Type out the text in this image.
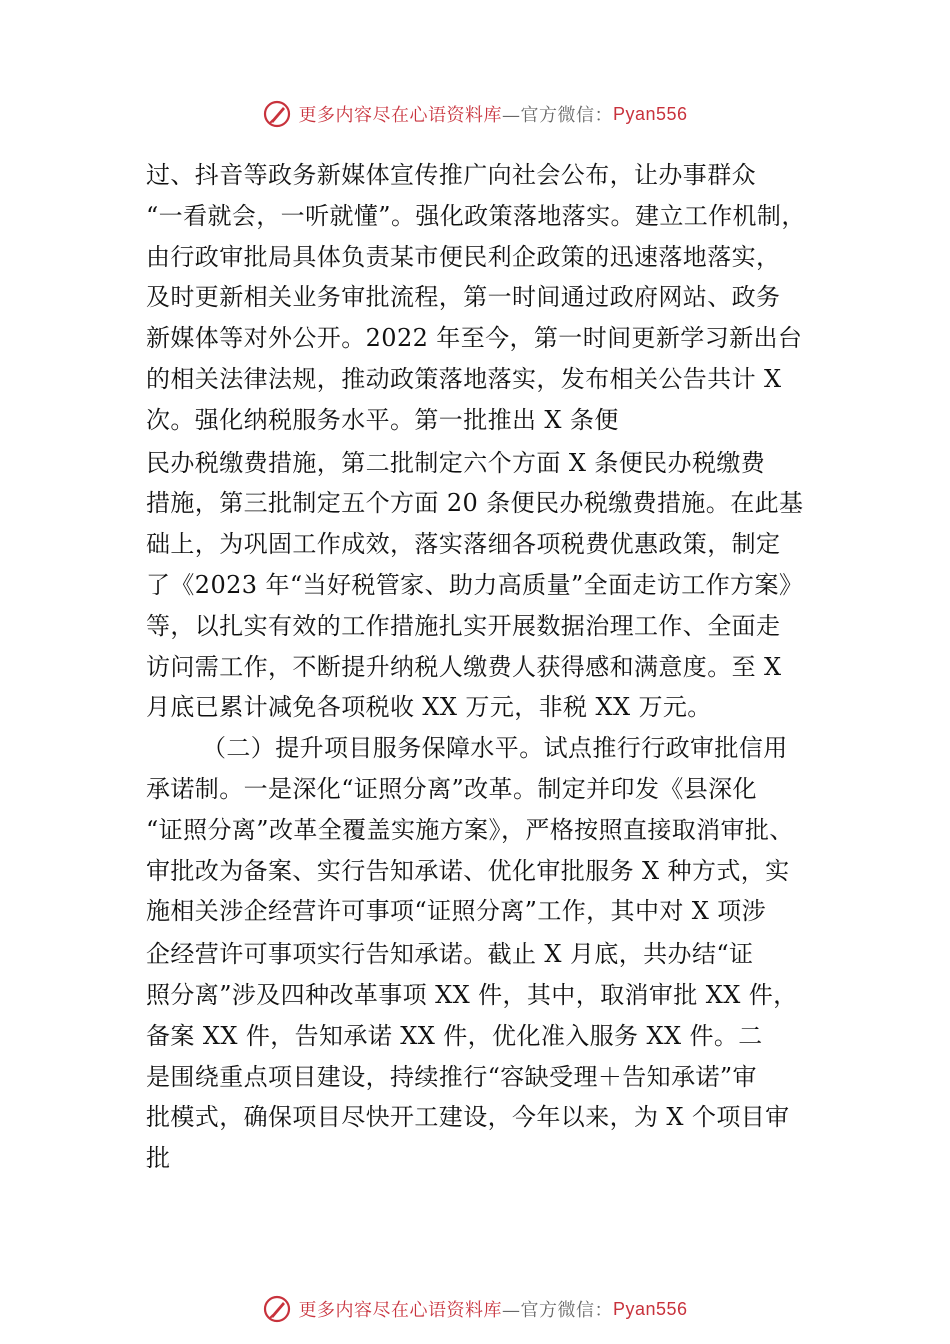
更多内容尽在心语资料库 —官方微信： Pyan556
过、抖音等政务新媒体宣传推广向社会公布，让办事群众
“一看就会，一听就懂”。强化政策落地落实。建立工作机制，
由行政审批局具体负责某市便民利企政策的迅速落地落实，
及时更新相关业务审批流程，第一时间通过政府网站、政务
新媒体等对外公开。2022 年至今，第一时间更新学习新出台
的相关法律法规，推动政策落地落实，发布相关公告共计 X
次。强化纳税服务水平。第一批推出 X 条便
民办税缴费措施，第二批制定六个方面 X 条便民办税缴费
措施，第三批制定五个方面 20 条便民办税缴费措施。在此基
础上，为巩固工作成效，落实落细各项税费优惠政策，制定
了《2023 年“当好税管家、助力高质量”全面走访工作方案》
等，以扎实有效的工作措施扎实开展数据治理工作、全面走
访问需工作，不断提升纳税人缴费人获得感和满意度。至 X
月底已累计减免各项税收 XX 万元，非税 XX 万元。
（二）提升项目服务保障水平。试点推行行政审批信用
承诺制。一是深化“证照分离”改革。制定并印发《县深化
“证照分离”改革全覆盖实施方案》，严格按照直接取消审批、
审批改为备案、实行告知承诺、优化审批服务 X 种方式，实
施相关涉企经营许可事项“证照分离”工作，其中对 X 项涉
企经营许可事项实行告知承诺。截止 X 月底，共办结“证
照分离”涉及四种改革事项 XX 件，其中，取消审批 XX 件，
备案 XX 件，告知承诺 XX 件，优化准入服务 XX 件。二
是围绕重点项目建设，持续推行“容缺受理＋告知承诺”审
批模式，确保项目尽快开工建设，今年以来，为 X 个项目审
批
更多内容尽在心语资料库 —官方微信： Pyan556
